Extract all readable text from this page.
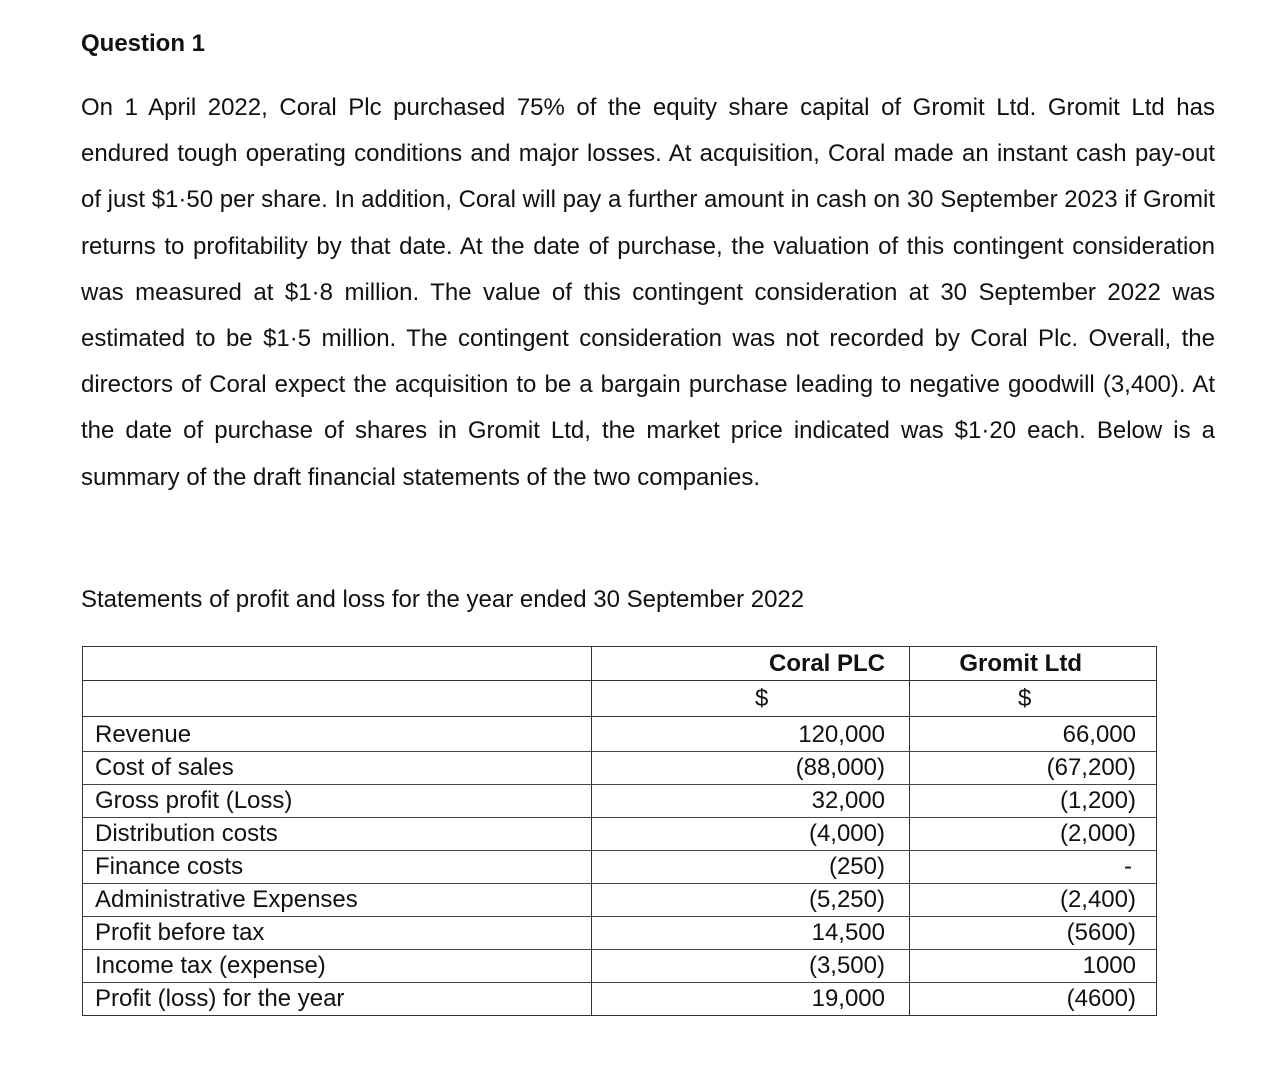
Question 1

On 1 April 2022, Coral Plc purchased 75% of the equity share capital of Gromit Ltd. Gromit Ltd has endured tough operating conditions and major losses. At acquisition, Coral made an instant cash pay-out of just $1·50 per share. In addition, Coral will pay a further amount in cash on 30 September 2023 if Gromit returns to profitability by that date. At the date of purchase, the valuation of this contingent consideration was measured at $1·8 million. The value of this contingent consideration at 30 September 2022 was estimated to be $1·5 million. The contingent consideration was not recorded by Coral Plc. Overall, the directors of Coral expect the acquisition to be a bargain purchase leading to negative goodwill (3,400). At the date of purchase of shares in Gromit Ltd, the market price indicated was $1·20 each. Below is a summary of the draft financial statements of the two companies.

Statements of profit and loss for the year ended 30 September 2022

	Coral PLC	Gromit Ltd
	$	$
Revenue	120,000	66,000
Cost of sales	(88,000)	(67,200)
Gross profit (Loss)	32,000	(1,200)
Distribution costs	(4,000)	(2,000)
Finance costs	(250)	-
Administrative Expenses	(5,250)	(2,400)
Profit before tax	14,500	(5600)
Income tax (expense)	(3,500)	1000
Profit (loss) for the year	19,000	(4600)
